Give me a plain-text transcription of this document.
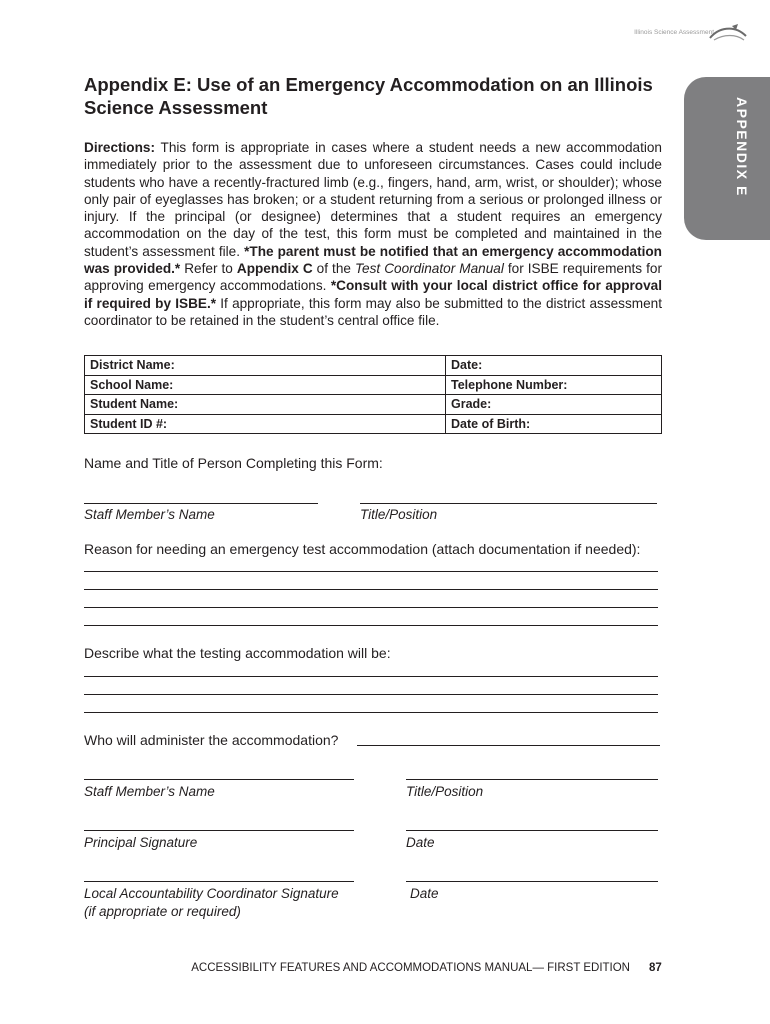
Illinois Science Assessment
APPENDIX E
Appendix E: Use of an Emergency Accommodation on an Illinois
Science Assessment
Directions: This form is appropriate in cases where a student needs a new accommodation immediately prior to the assessment due to unforeseen circumstances. Cases could include students who have a recently-fractured limb (e.g., fingers, hand, arm, wrist, or shoulder); whose only pair of eyeglasses has broken; or a student returning from a serious or prolonged illness or injury. If the principal (or designee) determines that a student requires an emergency accommodation on the day of the test, this form must be completed and maintained in the student’s assessment file. *The parent must be notified that an emergency accommodation was provided.* Refer to Appendix C of the Test Coordinator Manual for ISBE requirements for approving emergency accommodations. *Consult with your local district office for approval if required by ISBE.* If appropriate, this form may also be submitted to the district assessment coordinator to be retained in the student’s central office file.
District Name:	Date:
School Name:	Telephone Number:
Student Name:	Grade:
Student ID #:	Date of Birth:
Name and Title of Person Completing this Form:
Staff Member’s Name	Title/Position
Reason for needing an emergency test accommodation (attach documentation if needed):
Describe what the testing accommodation will be:
Who will administer the accommodation?
Staff Member’s Name	Title/Position
Principal Signature	Date
Local Accountability Coordinator Signature
(if appropriate or required)
Date
ACCESSIBILITY FEATURES AND ACCOMMODATIONS MANUAL— FIRST EDITION 87
